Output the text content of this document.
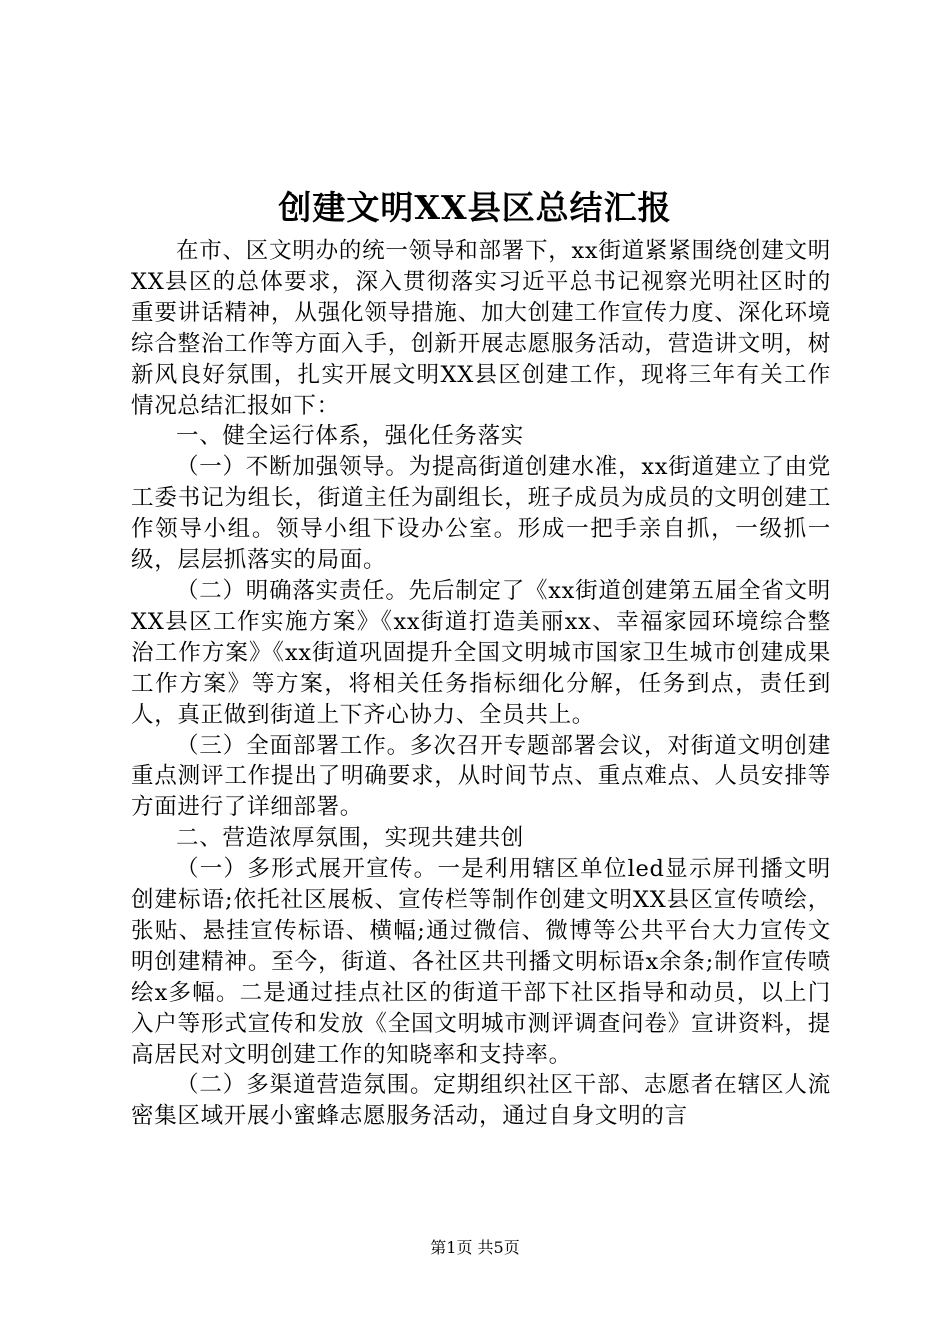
创建文明XX县区总结汇报

在市、区文明办的统一领导和部署下，xx街道紧紧围绕创建文明XX县区的总体要求，深入贯彻落实习近平总书记视察光明社区时的重要讲话精神，从强化领导措施、加大创建工作宣传力度、深化环境综合整治工作等方面入手，创新开展志愿服务活动，营造讲文明，树新风良好氛围，扎实开展文明XX县区创建工作，现将三年有关工作情况总结汇报如下：

一、健全运行体系，强化任务落实

（一）不断加强领导。为提高街道创建水准，xx街道建立了由党工委书记为组长，街道主任为副组长，班子成员为成员的文明创建工作领导小组。领导小组下设办公室。形成一把手亲自抓，一级抓一级，层层抓落实的局面。

（二）明确落实责任。先后制定了《xx街道创建第五届全省文明XX县区工作实施方案》《xx街道打造美丽xx、幸福家园环境综合整治工作方案》《xx街道巩固提升全国文明城市国家卫生城市创建成果工作方案》等方案，将相关任务指标细化分解，任务到点，责任到人，真正做到街道上下齐心协力、全员共上。

（三）全面部署工作。多次召开专题部署会议，对街道文明创建重点测评工作提出了明确要求，从时间节点、重点难点、人员安排等方面进行了详细部署。

二、营造浓厚氛围，实现共建共创

（一）多形式展开宣传。一是利用辖区单位led显示屏刊播文明创建标语;依托社区展板、宣传栏等制作创建文明XX县区宣传喷绘，张贴、悬挂宣传标语、横幅;通过微信、微博等公共平台大力宣传文明创建精神。至今，街道、各社区共刊播文明标语x余条;制作宣传喷绘x多幅。二是通过挂点社区的街道干部下社区指导和动员，以上门入户等形式宣传和发放《全国文明城市测评调查问卷》宣讲资料，提高居民对文明创建工作的知晓率和支持率。

（二）多渠道营造氛围。定期组织社区干部、志愿者在辖区人流密集区域开展小蜜蜂志愿服务活动，通过自身文明的言

第1页 共5页
